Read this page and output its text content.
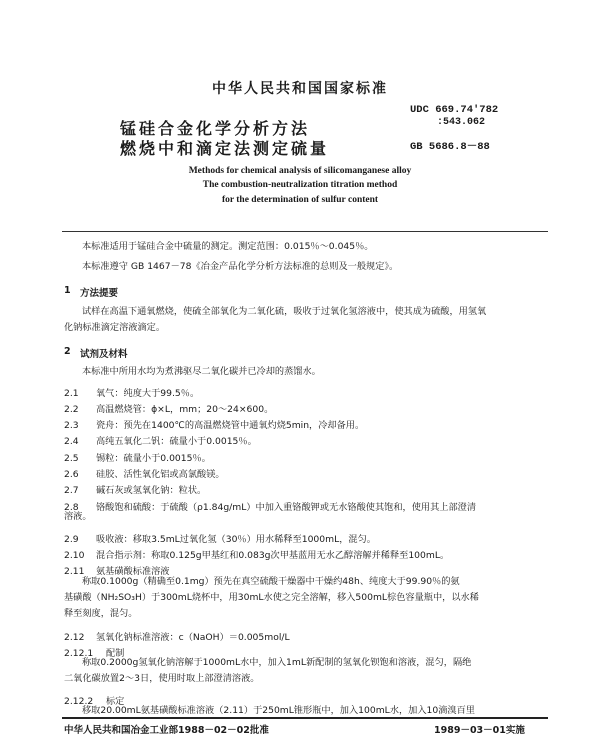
中华人民共和国国家标准
UDC 669.74'782
:543.062
GB 5686.8－88
锰硅合金化学分析方法
燃烧中和滴定法测定硫量
Methods for chemical analysis of silicomanganese alloy
The combustion-neutralization titration method
for the determination of sulfur content
本标准适用于锰硅合金中硫量的测定。测定范围：0.015％～0.045％。
本标准遵守 GB 1467－78《冶金产品化学分析方法标准的总则及一般规定》。
1 方法提要
试样在高温下通氧燃烧，使硫全部氧化为二氧化硫，吸收于过氧化氢溶液中，使其成为硫酸，用氢氧
化钠标准滴定溶液滴定。
2 试剂及材料
本标准中所用水均为煮沸驱尽二氧化碳并已冷却的蒸馏水。
2.1 氧气：纯度大于99.5％。
2.2 高温燃烧管：ϕ×L，mm；20～24×600。
2.3 瓷舟：预先在1400℃的高温燃烧管中通氧灼烧5min，冷却备用。
2.4 高纯五氧化二钒：硫量小于0.0015％。
2.5 锡粒：硫量小于0.0015％。
2.6 硅胶、活性氧化铝或高氯酸镁。
2.7 碱石灰或氢氧化钠：粒状。
2.8 铬酸饱和硫酸：于硫酸（ρ1.84g/mL）中加入重铬酸钾或无水铬酸使其饱和，使用其上部澄清
溶液。
2.9 吸收液：移取3.5mL过氧化氢（30％）用水稀释至1000mL，混匀。
2.10 混合指示剂：称取0.125g甲基红和0.083g次甲基蓝用无水乙醇溶解并稀释至100mL。
2.11 氨基磺酸标准溶液
称取0.1000g（精确至0.1mg）预先在真空硫酸干燥器中干燥约48h、纯度大于99.90％的氨
基磺酸（NH₂SO₃H）于300mL烧杯中，用30mL水使之完全溶解，移入500mL棕色容量瓶中，以水稀
释至刻度，混匀。
2.12 氢氧化钠标准溶液：c（NaOH）＝0.005mol/L
2.12.1 配制
称取0.2000g氢氧化钠溶解于1000mL水中，加入1mL新配制的氢氧化钡饱和溶液，混匀，隔绝
二氧化碳放置2～3日，使用时取上部澄清溶液。
2.12.2 标定
移取20.00mL氨基磺酸标准溶液（2.11）于250mL锥形瓶中，加入100mL水，加入10滴溴百里
中华人民共和国冶金工业部1988－02－02批准	1989－03－01实施
